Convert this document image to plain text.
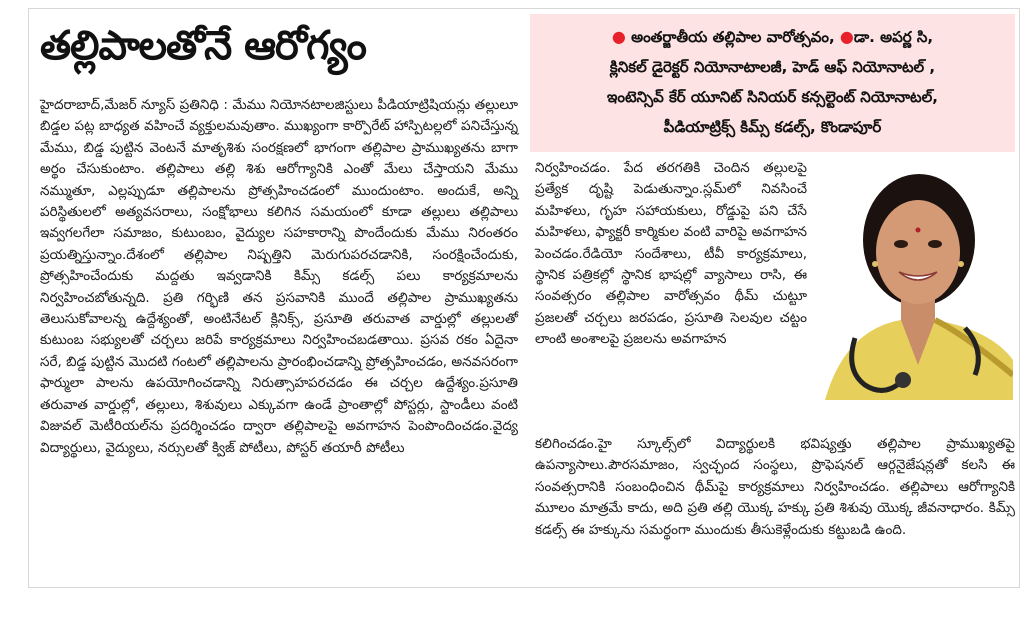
తల్లిపాలతోనే ఆరోగ్యం	● అంతర్జాతీయ తల్లిపాల వారోత్సవం, ●డా. అపర్ణ సి,
క్లినికల్ డైరెక్టర్ నియోనాటాలజీ, హెడ్ ఆఫ్ నియోనాటల్ ,
ఇంటెన్సివ్ కేర్ యూనిట్ సినియర్ కన్సల్టెంట్ నియోనాటల్,
పీడియాట్రిక్స్ కిమ్స్ కడల్స్, కొండాపూర్

హైదరాబాద్,మేజర్ న్యూస్ ప్రతినిధి : మేము నియోనటాలజిస్టులు పీడియాట్రిషియన్లు తల్లులూ బిడ్డల పట్ల బాధ్యత వహించే వ్యక్తులమవుతాం. ముఖ్యంగా కార్పొరేట్ హాస్పిటల్లలో పనిచేస్తున్న మేము, బిడ్డ పుట్టిన వెంటనే మాతృశిశు సంరక్షణలో భాగంగా తల్లిపాల ప్రాముఖ్యతను బాగా అర్థం చేసుకుంటాం. తల్లిపాలు తల్లి శిశు ఆరోగ్యానికి ఎంతో మేలు చేస్తాయని మేము నమ్ముతూ, ఎల్లప్పుడూ తల్లిపాలను ప్రోత్సహించడంలో ముందుంటాం. అందుకే, అన్ని పరిస్థితులలో అత్యవసరాలు, సంక్షోభాలు కలిగిన సమయంలో కూడా తల్లులు తల్లిపాలు ఇవ్వగలగేలా సమాజం, కుటుంబం, వైద్యుల సహకారాన్ని పొందేందుకు మేము నిరంతరం ప్రయత్నిస్తున్నాం.దేశంలో తల్లిపాల నిష్పత్తిని మెరుగుపరచడానికి, సంరక్షించేందుకు, ప్రోత్సహించేందుకు మద్దతు ఇవ్వడానికి కిమ్స్ కడల్స్ పలు కార్యక్రమాలను నిర్వహించబోతున్నది. ప్రతి గర్భిణి తన ప్రసవానికి ముందే తల్లిపాల ప్రాముఖ్యతను తెలుసుకోవాలన్న ఉద్దేశ్యంతో, అంటినేటల్ క్లినిక్స్, ప్రసూతి తరువాత వార్డుల్లో తల్లులతో కుటుంబ సభ్యులతో చర్చలు జరిపే కార్యక్రమాలు నిర్వహించబడతాయి. ప్రసవ రకం ఏదైనా సరే, బిడ్డ పుట్టిన మొదటి గంటలో తల్లిపాలను ప్రారంభించడాన్ని ప్రోత్సహించడం, అనవసరంగా ఫార్ములా పాలను ఉపయోగించడాన్ని నిరుత్సాహపరచడం ఈ చర్చల ఉద్దేశ్యం.ప్రసూతి తరువాత వార్డుల్లో, తల్లులు, శిశువులు ఎక్కువగా ఉండే ప్రాంతాల్లో పోస్టర్లు, స్టాండీలు వంటి విజువల్ మెటీరియల్‌ను ప్రదర్శించడం ద్వారా తల్లిపాలపై అవగాహన పెంపొందించడం.వైద్య విద్యార్థులు, వైద్యులు, నర్సులతో క్విజ్ పోటీలు, పోస్టర్ తయారీ పోటీలు

నిర్వహించడం. పేద తరగతికి చెందిన తల్లులపై ప్రత్యేక దృష్టి పెడుతున్నాం.స్లమ్‌లో నివసించే మహిళలు, గృహ సహాయకులు, రోడ్డుపై పని చేసే మహిళలు, ఫ్యాక్టరీ కార్మికుల వంటి వారిపై అవగాహన పెంచడం.రేడియో సందేశాలు, టీవీ కార్యక్రమాలు, స్థానిక పత్రికల్లో స్థానిక భాషల్లో వ్యాసాలు రాసి, ఈ సంవత్సరం తల్లిపాల వారోత్సవం థీమ్ చుట్టూ ప్రజలతో చర్చలు జరపడం, ప్రసూతి సెలవుల చట్టం లాంటి అంశాలపై ప్రజలను అవగాహన

కలిగించడం.హై స్కూల్స్‌లో విద్యార్థులకి భవిష్యత్తు తల్లిపాల ప్రాముఖ్యతపై ఉపన్యాసాలు.పౌరసమాజం, స్వచ్ఛంద సంస్థలు, ప్రొఫెషనల్ ఆర్గనైజేషన్లతో కలసి ఈ సంవత్సరానికి సంబంధించిన థీమ్‌పై కార్యక్రమాలు నిర్వహించడం. తల్లిపాలు ఆరోగ్యానికి మూలం మాత్రమే కాదు, అది ప్రతి తల్లి యొక్క హక్కు ప్రతి శిశువు యొక్క జీవనాధారం. కిమ్స్ కడల్స్ ఈ హక్కును సమర్థంగా ముందుకు తీసుకెళ్లేందుకు కట్టుబడి ఉంది.
